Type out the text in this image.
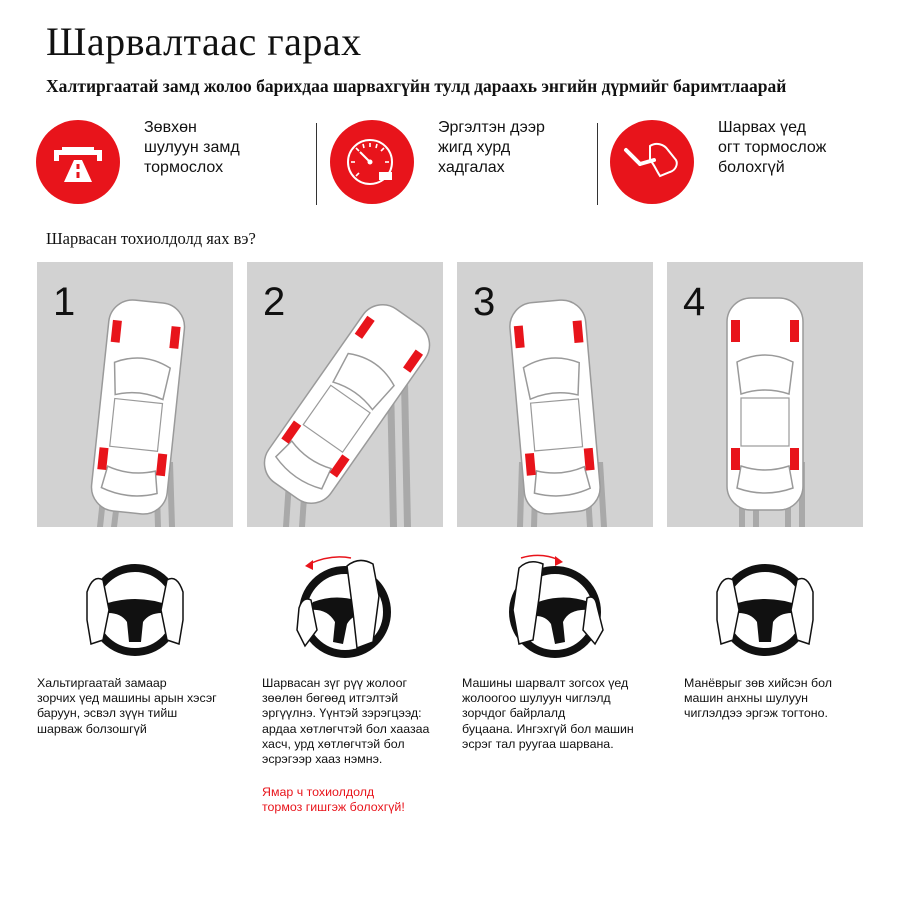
Шарвалтаас гарах

Халтиргаатай замд жолоо барихдаа шарвахгүйн тулд дараахь энгийн дүрмийг баримтлаарай

Зөвхөн
шулуун замд
тормослох
Эргэлтэн дээр
жигд хурд
хадгалах
Шарвах үед
огт тормослож
болохгүй

Шарвасан тохиолдолд яах вэ?

1	2	3	4
Хальтиргаатай замаар
зорчих үед машины арын хэсэг
баруун, эсвэл зүүн тийш
шарваж болзошгүй
Шарвасан зүг рүү жолоог
зөөлөн бөгөөд итгэлтэй
эргүүлнэ. Үүнтэй зэрэгцээд:
ардаа хөтлөгчтэй бол хаазаа
хасч, урд хөтлөгчтэй бол
эсрэгээр хааз нэмнэ.
Машины шарвалт зогсох үед
жолоогоо шулуун чиглэлд
зорчдог байрлалд
буцаана. Ингэхгүй бол машин
эсрэг тал руугаа шарвана.
Манёврыг зөв хийсэн бол
машин анхны шулуун
чиглэлдээ эргэж тогтоно.
Ямар ч тохиолдолд
тормоз гишгэж болохгүй!
